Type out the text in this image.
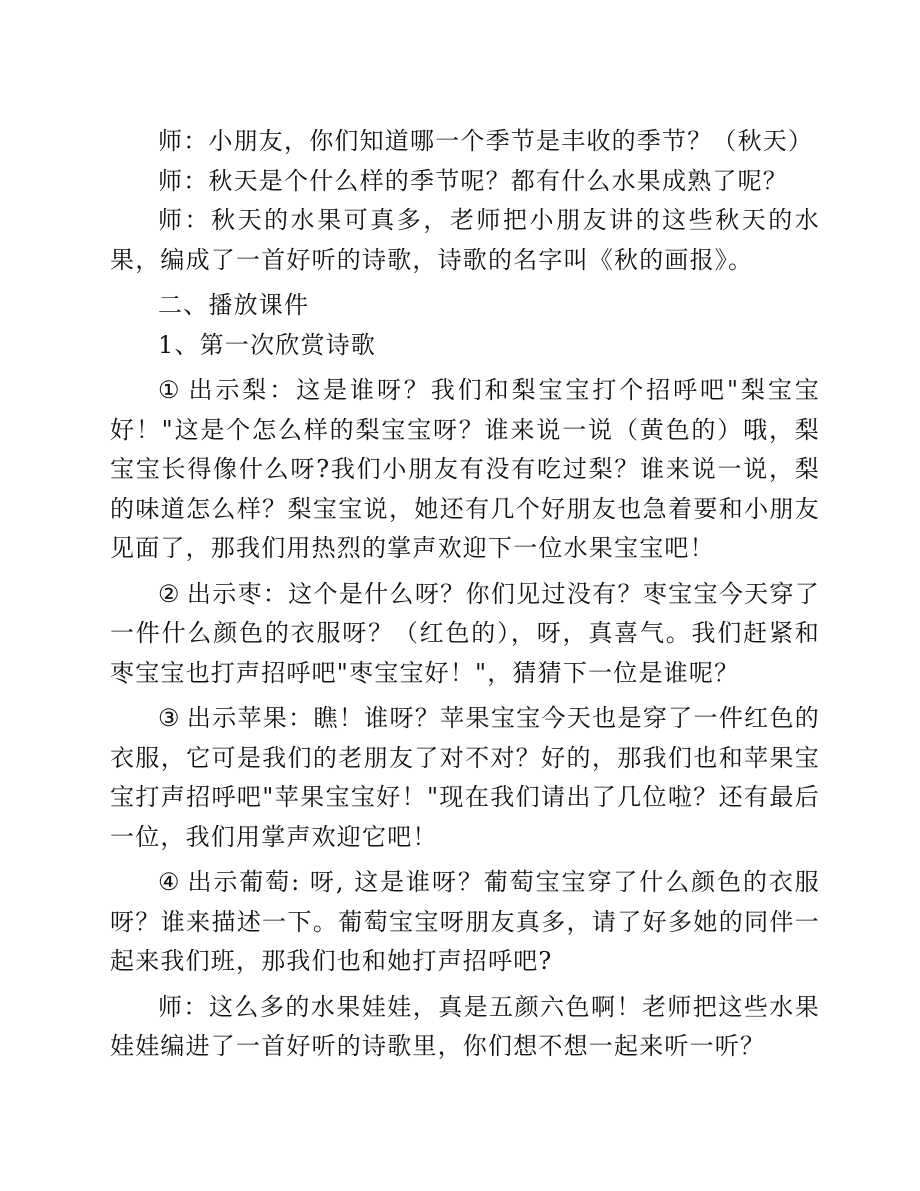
师：小朋友，你们知道哪一个季节是丰收的季节？（秋天）

师：秋天是个什么样的季节呢？都有什么水果成熟了呢？

师：秋天的水果可真多，老师把小朋友讲的这些秋天的水果，编成了一首好听的诗歌，诗歌的名字叫《秋的画报》。

二、播放课件

1、第一次欣赏诗歌

① 出示梨：这是谁呀？我们和梨宝宝打个招呼吧"梨宝宝好！"这是个怎么样的梨宝宝呀？谁来说一说（黄色的）哦，梨宝宝长得像什么呀?我们小朋友有没有吃过梨？谁来说一说，梨的味道怎么样？梨宝宝说，她还有几个好朋友也急着要和小朋友见面了，那我们用热烈的掌声欢迎下一位水果宝宝吧！

② 出示枣：这个是什么呀？你们见过没有？枣宝宝今天穿了一件什么颜色的衣服呀？（红色的），呀，真喜气。我们赶紧和枣宝宝也打声招呼吧"枣宝宝好！"，猜猜下一位是谁呢？

③ 出示苹果：瞧！谁呀？苹果宝宝今天也是穿了一件红色的衣服，它可是我们的老朋友了对不对？好的，那我们也和苹果宝宝打声招呼吧"苹果宝宝好！"现在我们请出了几位啦？还有最后一位，我们用掌声欢迎它吧！

④ 出示葡萄: 呀, 这是谁呀？葡萄宝宝穿了什么颜色的衣服呀？谁来描述一下。葡萄宝宝呀朋友真多，请了好多她的同伴一起来我们班，那我们也和她打声招呼吧?

师：这么多的水果娃娃，真是五颜六色啊！老师把这些水果娃娃编进了一首好听的诗歌里，你们想不想一起来听一听？
